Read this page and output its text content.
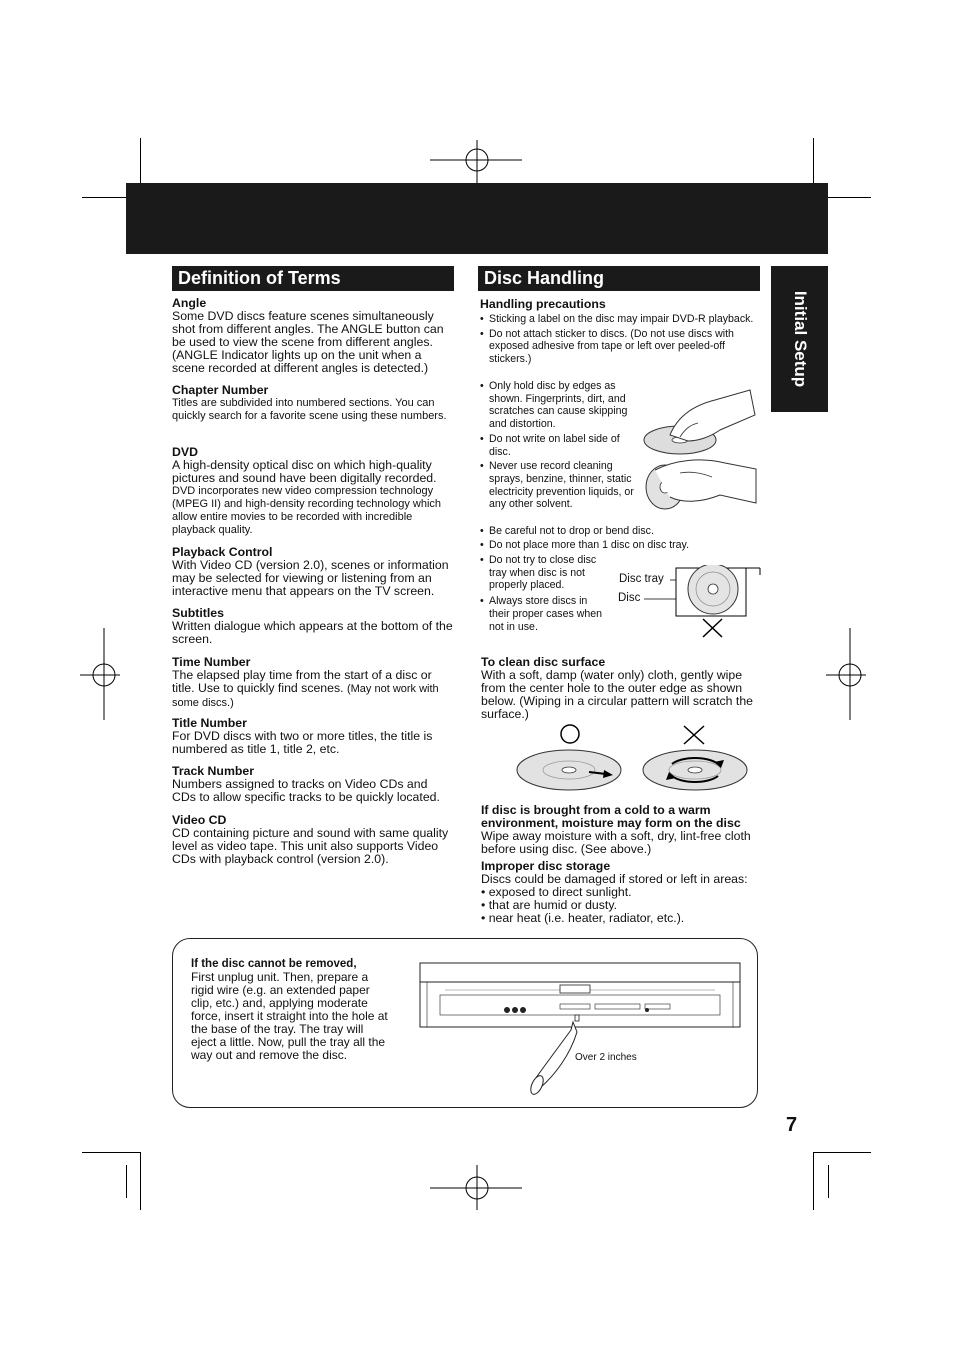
Initial Setup
Definition of Terms	Disc Handling
Angle

Some DVD discs feature scenes simultaneously shot from different angles. The ANGLE button can be used to view the scene from different angles. (ANGLE Indicator lights up on the unit when a scene recorded at different angles is detected.)

Chapter Number

Titles are subdivided into numbered sections. You can quickly search for a favorite scene using these numbers.

DVD

A high-density optical disc on which high-quality pictures and sound have been digitally recorded.

DVD incorporates new video compression technology (MPEG II) and high-density recording technology which allow entire movies to be recorded with incredible playback quality.

Playback Control

With Video CD (version 2.0), scenes or information may be selected for viewing or listening from an interactive menu that appears on the TV screen.

Subtitles

Written dialogue which appears at the bottom of the screen.

Time Number

The elapsed play time from the start of a disc or title. Use to quickly find scenes. (May not work with some discs.)

Title Number

For DVD discs with two or more titles, the title is numbered as title 1, title 2, etc.

Track Number

Numbers assigned to tracks on Video CDs and CDs to allow specific tracks to be quickly located.

Video CD

CD containing picture and sound with same quality level as video tape. This unit also supports Video CDs with playback control (version 2.0).

Handling precautions
• Sticking a label on the disc may impair DVD-R playback.
• Do not attach sticker to discs. (Do not use discs with exposed adhesive from tape or left over peeled-off stickers.)
• Only hold disc by edges as shown. Fingerprints, dirt, and scratches can cause skipping and distortion.
• Do not write on label side of disc.
• Never use record cleaning sprays, benzine, thinner, static electricity prevention liquids, or any other solvent.
• Be careful not to drop or bend disc.
• Do not place more than 1 disc on disc tray.
• Do not try to close disc tray when disc is not properly placed.
• Always store discs in their proper cases when not in use.
Disc tray
Disc
To clean disc surface

With a soft, damp (water only) cloth, gently wipe from the center hole to the outer edge as shown below. (Wiping in a circular pattern will scratch the surface.)

If disc is brought from a cold to a warm environment, moisture may form on the disc

Wipe away moisture with a soft, dry, lint-free cloth before using disc. (See above.)

Improper disc storage

Discs could be damaged if stored or left in areas:

• exposed to direct sunlight.

• that are humid or dusty.

• near heat (i.e. heater, radiator, etc.).

If the disc cannot be removed,

First unplug unit. Then, prepare a rigid wire (e.g. an extended paper clip, etc.) and, applying moderate force, insert it straight into the hole at the base of the tray. The tray will eject a little. Now, pull the tray all the way out and remove the disc.	Over 2 inches
7
